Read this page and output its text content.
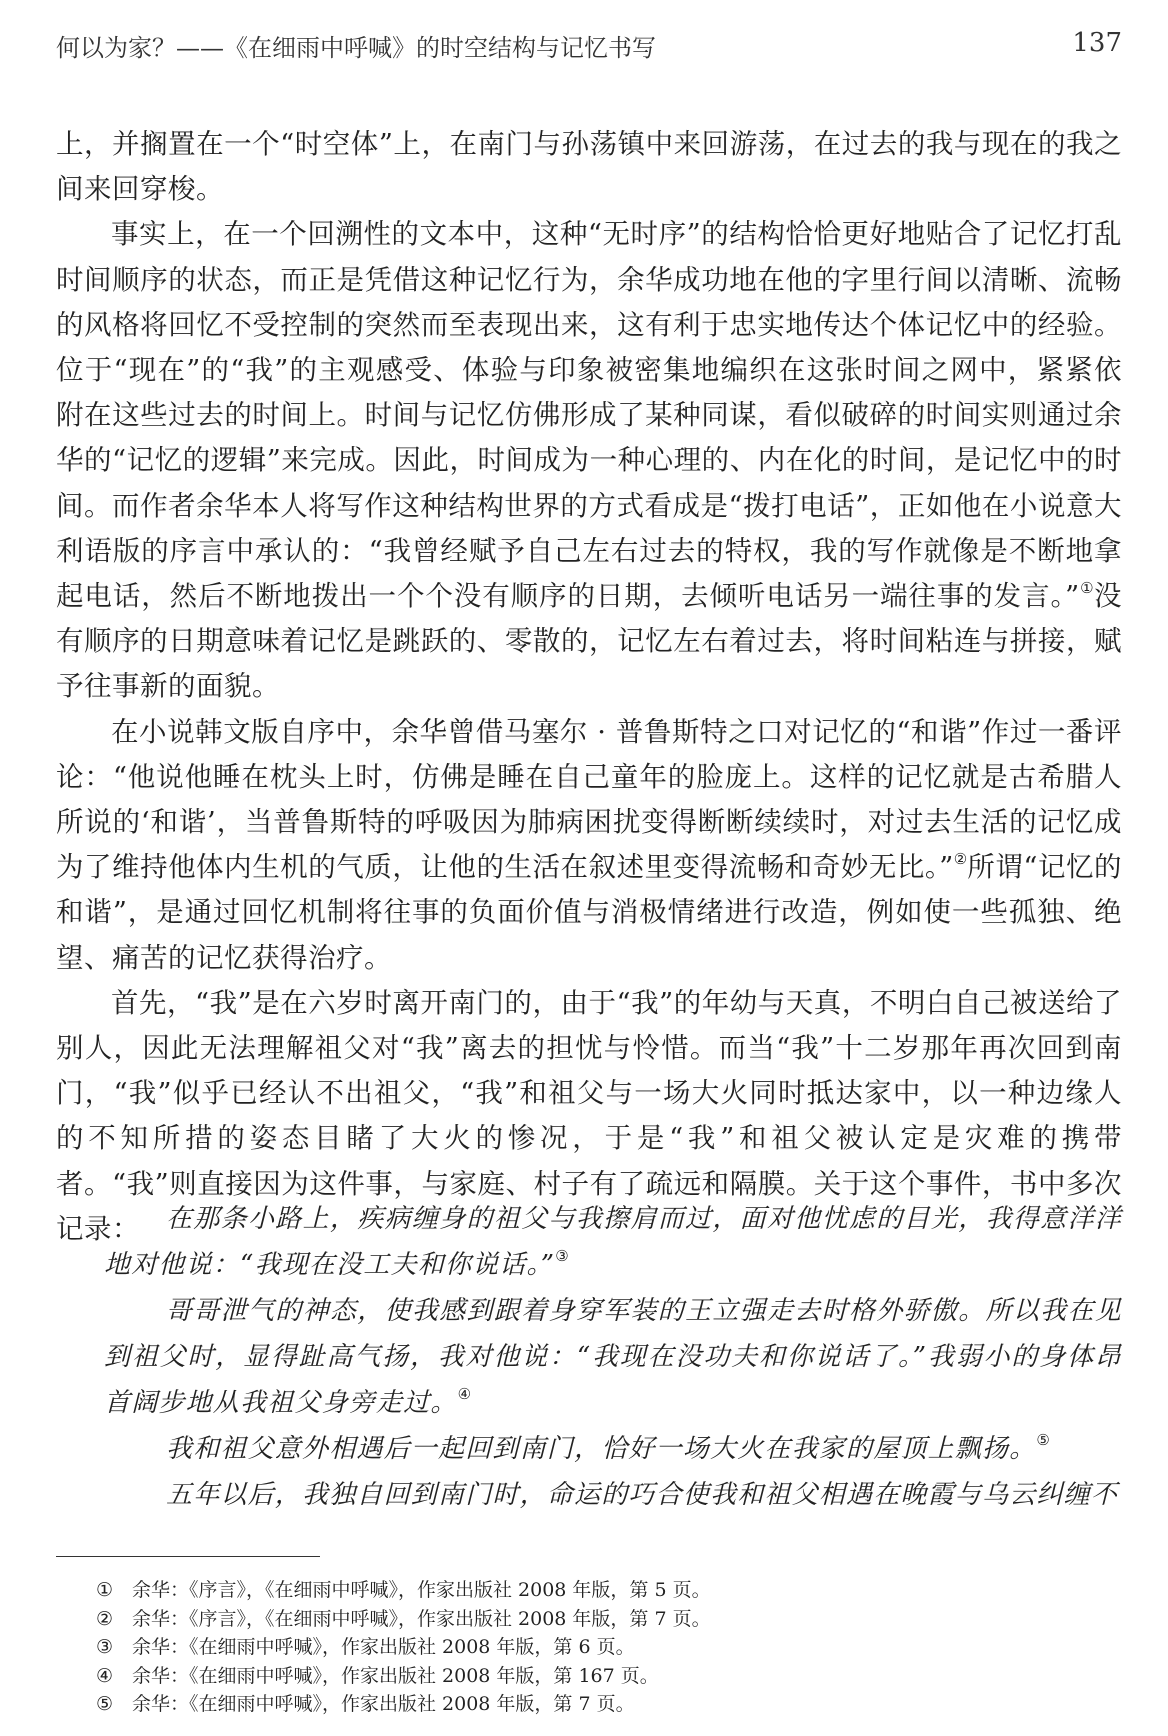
何以为家？——《在细雨中呼喊》的时空结构与记忆书写	137

上，并搁置在一个“时空体”上，在南门与孙荡镇中来回游荡，在过去的我与现在的我之间来回穿梭。

事实上，在一个回溯性的文本中，这种“无时序”的结构恰恰更好地贴合了记忆打乱时间顺序的状态，而正是凭借这种记忆行为，余华成功地在他的字里行间以清晰、流畅的风格将回忆不受控制的突然而至表现出来，这有利于忠实地传达个体记忆中的经验。位于“现在”的“我”的主观感受、体验与印象被密集地编织在这张时间之网中，紧紧依附在这些过去的时间上。时间与记忆仿佛形成了某种同谋，看似破碎的时间实则通过余华的“记忆的逻辑”来完成。因此，时间成为一种心理的、内在化的时间，是记忆中的时间。而作者余华本人将写作这种结构世界的方式看成是“拨打电话”，正如他在小说意大利语版的序言中承认的：“我曾经赋予自己左右过去的特权，我的写作就像是不断地拿起电话，然后不断地拨出一个个没有顺序的日期，去倾听电话另一端往事的发言。”①没有顺序的日期意味着记忆是跳跃的、零散的，记忆左右着过去，将时间粘连与拼接，赋予往事新的面貌。

在小说韩文版自序中，余华曾借马塞尔 · 普鲁斯特之口对记忆的“和谐”作过一番评论：“他说他睡在枕头上时，仿佛是睡在自己童年的脸庞上。这样的记忆就是古希腊人所说的‘和谐’，当普鲁斯特的呼吸因为肺病困扰变得断断续续时，对过去生活的记忆成为了维持他体内生机的气质，让他的生活在叙述里变得流畅和奇妙无比。”②所谓“记忆的和谐”，是通过回忆机制将往事的负面价值与消极情绪进行改造，例如使一些孤独、绝望、痛苦的记忆获得治疗。

首先，“我”是在六岁时离开南门的，由于“我”的年幼与天真，不明白自己被送给了别人，因此无法理解祖父对“我”离去的担忧与怜惜。而当“我”十二岁那年再次回到南门，“我”似乎已经认不出祖父，“我”和祖父与一场大火同时抵达家中，以一种边缘人的不知所措的姿态目睹了大火的惨况，于是“我”和祖父被认定是灾难的携带者。“我”则直接因为这件事，与家庭、村子有了疏远和隔膜。关于这个事件，书中多次记录：	在那条小路上，疾病缠身的祖父与我擦肩而过，面对他忧虑的目光，我得意洋洋地对他说：“我现在没工夫和你说话。”③

哥哥泄气的神态，使我感到跟着身穿军装的王立强走去时格外骄傲。所以我在见到祖父时，显得趾高气扬，我对他说：“我现在没功夫和你说话了。”我弱小的身体昂首阔步地从我祖父身旁走过。④

我和祖父意外相遇后一起回到南门，恰好一场大火在我家的屋顶上飘扬。⑤

五年以后，我独自回到南门时，命运的巧合使我和祖父相遇在晚霞与乌云纠缠不

① 余华：《序言》，《在细雨中呼喊》，作家出版社 2008 年版，第 5 页。
② 余华：《序言》，《在细雨中呼喊》，作家出版社 2008 年版，第 7 页。
③ 余华：《在细雨中呼喊》，作家出版社 2008 年版，第 6 页。
④ 余华：《在细雨中呼喊》，作家出版社 2008 年版，第 167 页。
⑤ 余华：《在细雨中呼喊》，作家出版社 2008 年版，第 7 页。
